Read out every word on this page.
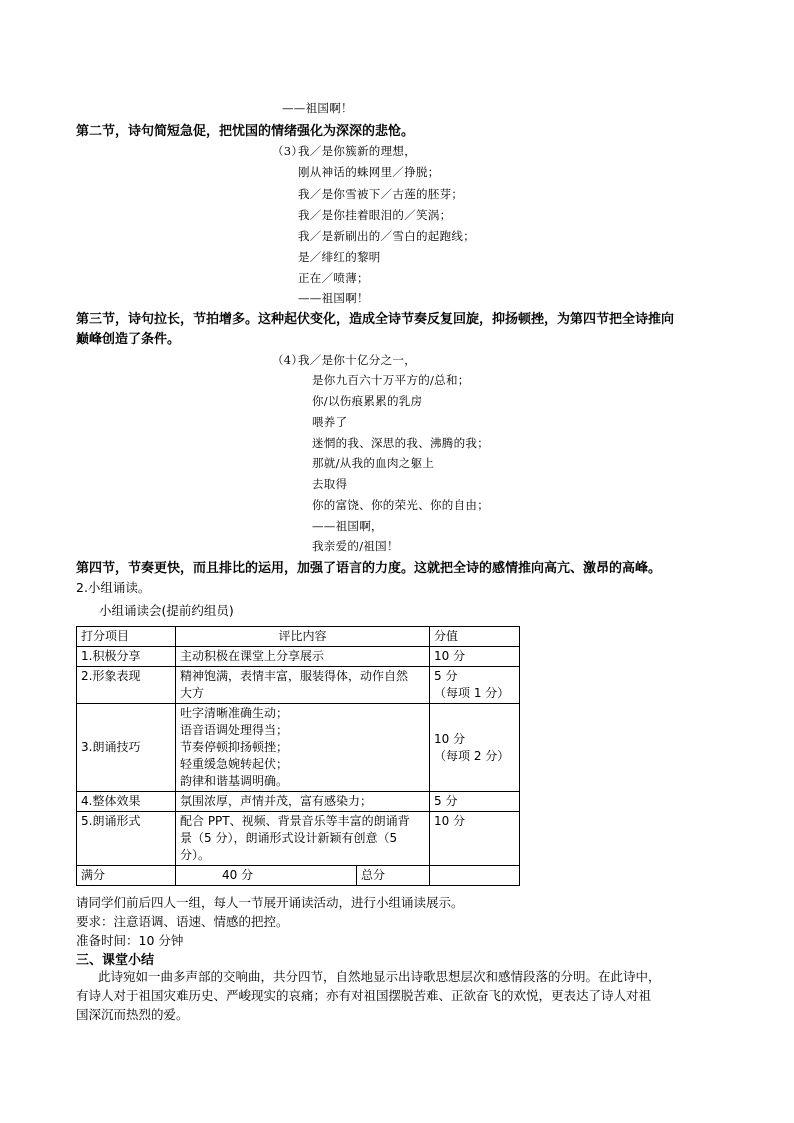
——祖国啊！
第二节，诗句简短急促，把忧国的情绪强化为深深的悲怆。
（3）
我／是你簇新的理想，
刚从神话的蛛网里／挣脱；
我／是你雪被下／古莲的胚芽；
我／是你挂着眼泪的／笑涡；
我／是新刷出的／雪白的起跑线；
是／绯红的黎明
正在／喷薄；
——祖国啊！
第三节，诗句拉长，节拍增多。这种起伏变化，造成全诗节奏反复回旋，抑扬顿挫，为第四节把全诗推向
巅峰创造了条件。
（4）
我／是你十亿分之一，
是你九百六十万平方的/总和；
你/以伤痕累累的乳房
喂养了
迷惘的我、深思的我、沸腾的我；
那就/从我的血肉之躯上
去取得
你的富饶、你的荣光、你的自由；
——祖国啊，
我亲爱的/祖国！
第四节，节奏更快，而且排比的运用，加强了语言的力度。这就把全诗的感情推向高亢、激昂的高峰。
2.小组诵读。
小组诵读会(提前约组员)
打分项目	评比内容	分值
1.积极分享	主动积极在课堂上分享展示	10 分

2.形象表现	精神饱满，表情丰富，服装得体，动作自然
大方	5 分
（每项 1 分）

3.朗诵技巧	吐字清晰准确生动；
语音语调处理得当；
节奏停顿抑扬顿挫；
轻重缓急婉转起伏；
韵律和谐基调明确。	10 分
（每项 2 分）

4.整体效果	氛围浓厚，声情并茂，富有感染力；	5 分

5.朗诵形式	配合 PPT、视频、背景音乐等丰富的朗诵背
景（5 分），朗诵形式设计新颖有创意（5
分）。	10 分

满分	40 分 总分	

请同学们前后四人一组，每人一节展开诵读活动，进行小组诵读展示。
要求：注意语调、语速、情感的把控。
准备时间：10 分钟
三、课堂小结
此诗宛如一曲多声部的交响曲，共分四节，自然地显示出诗歌思想层次和感情段落的分明。在此诗中，
有诗人对于祖国灾难历史、严峻现实的哀痛；亦有对祖国摆脱苦难、正欲奋飞的欢悦，更表达了诗人对祖
国深沉而热烈的爱。
